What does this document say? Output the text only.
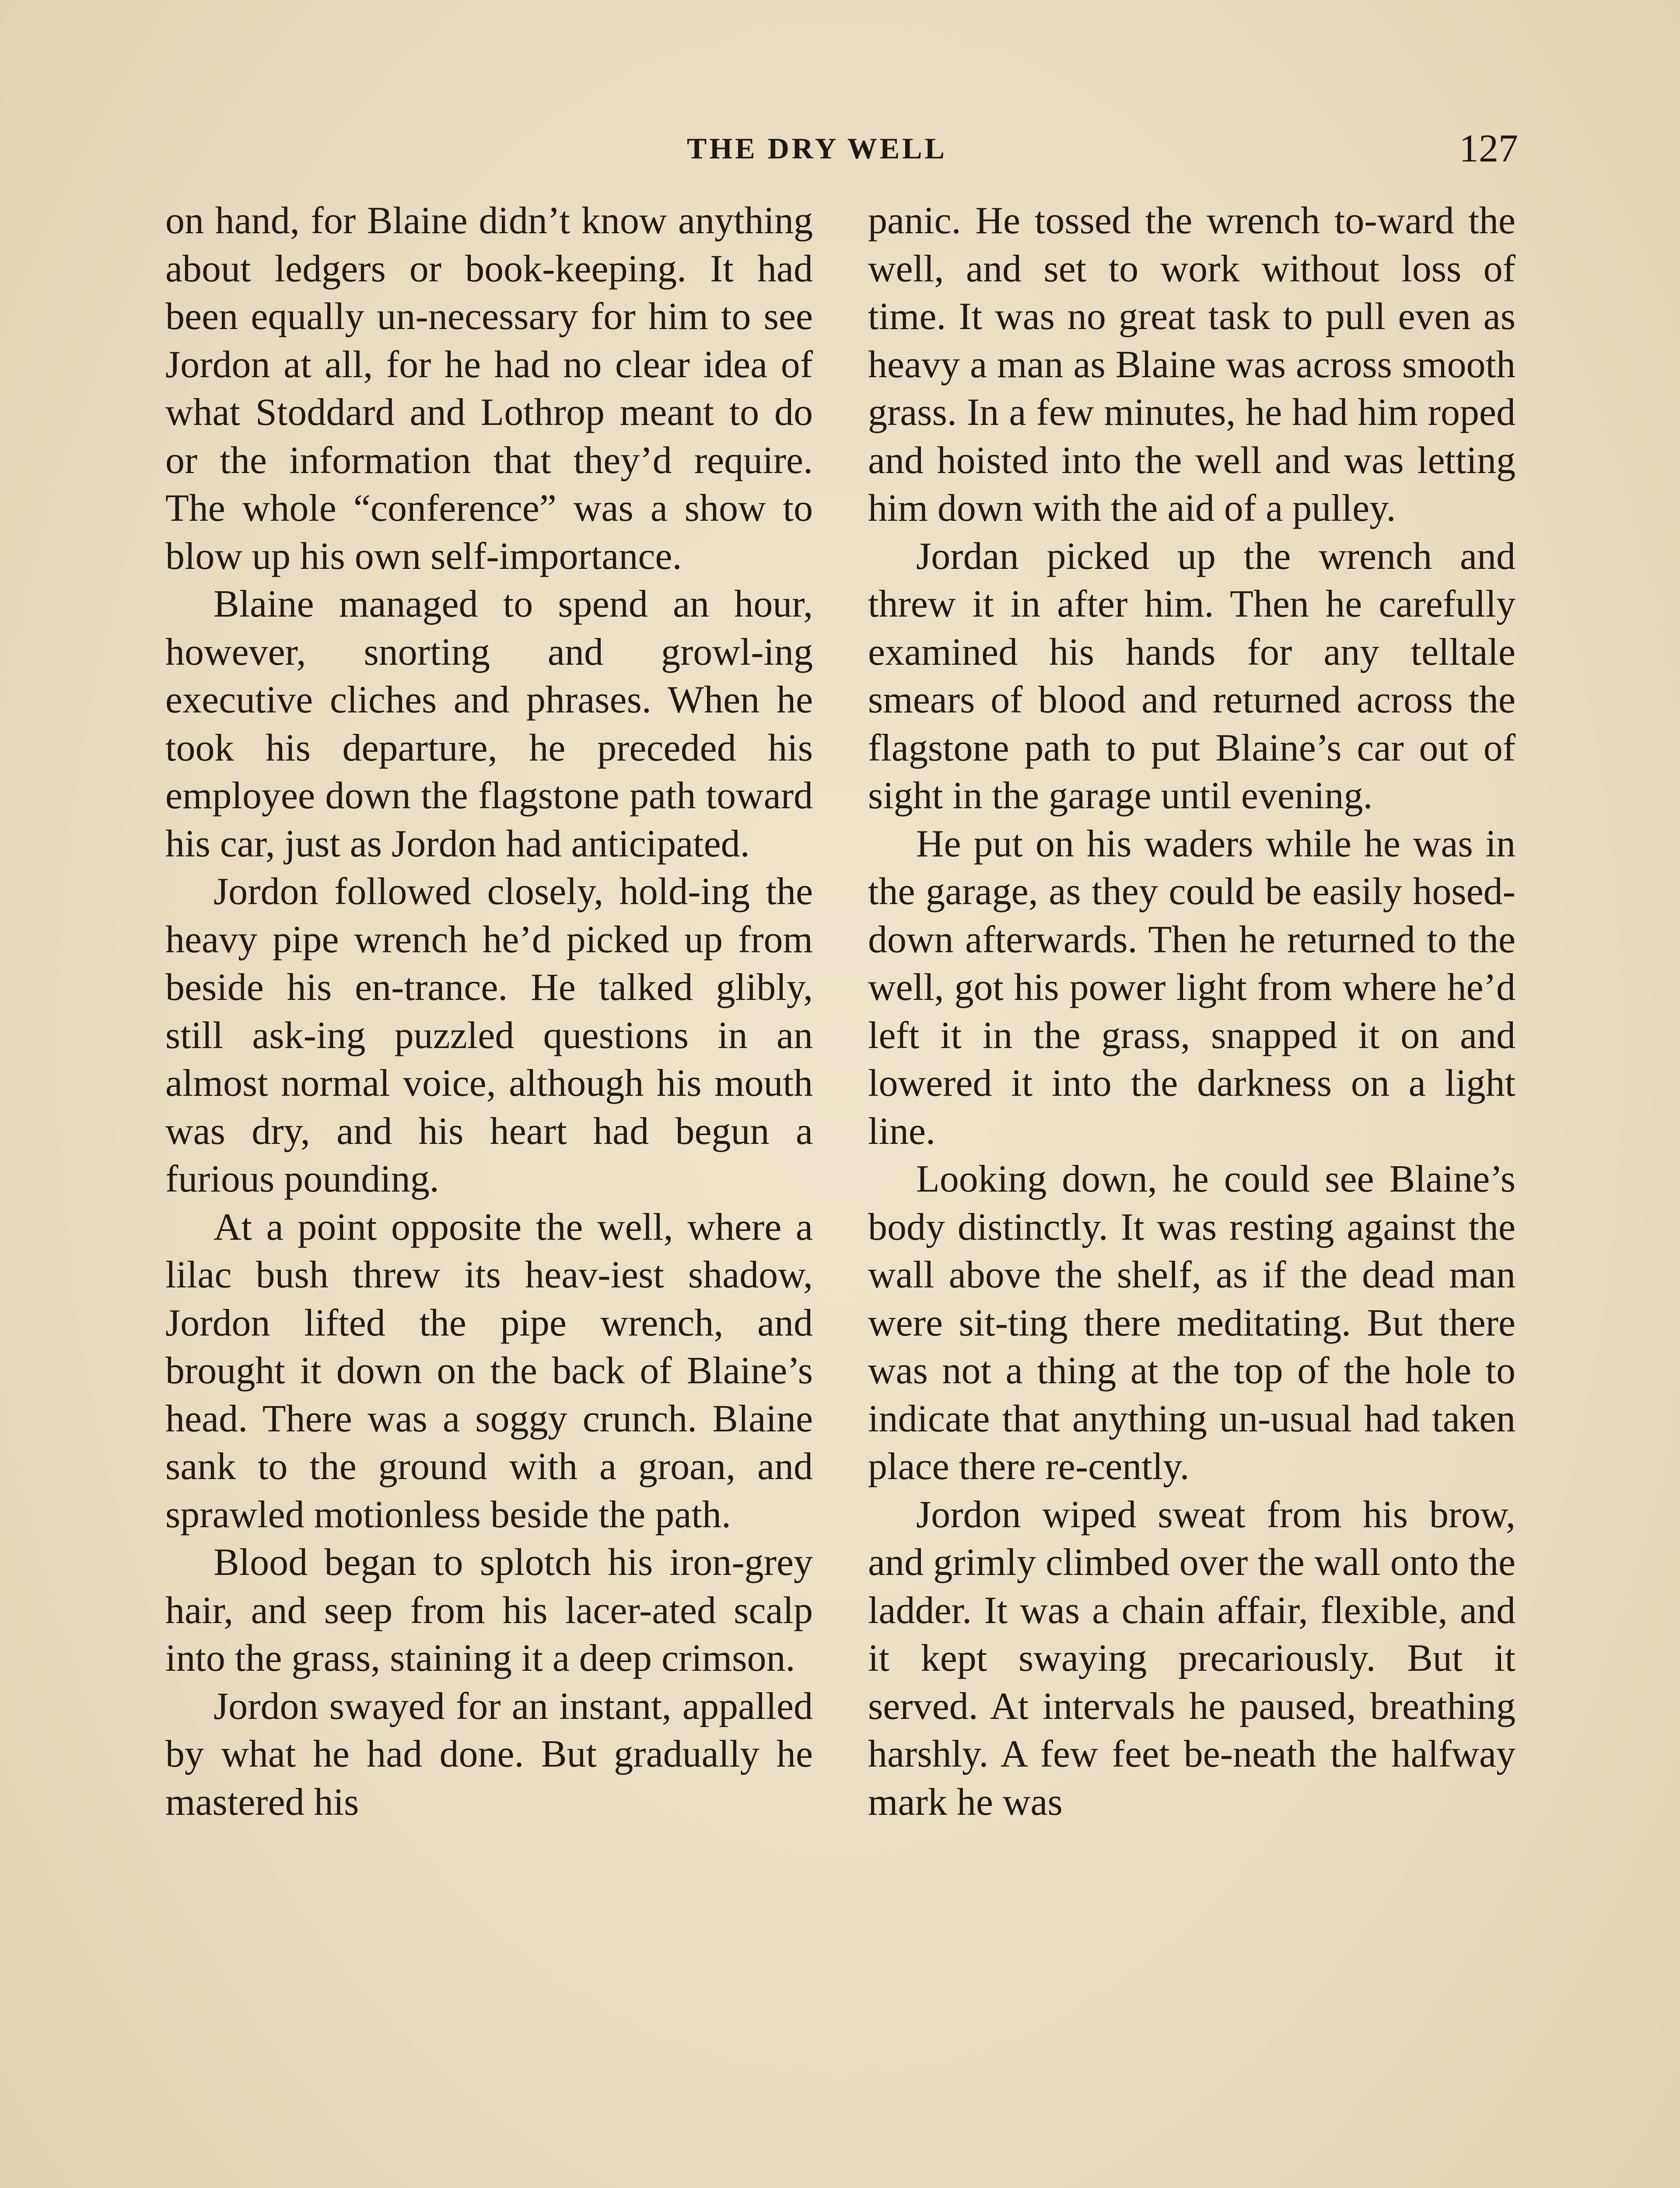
THE DRY WELL	127

on hand, for Blaine didn’t know anything about ledgers or book-keeping. It had been equally un-necessary for him to see Jordon at all, for he had no clear idea of what Stoddard and Lothrop meant to do or the information that they’d require. The whole “conference” was a show to blow up his own self-importance.

Blaine managed to spend an hour, however, snorting and growl-ing executive cliches and phrases. When he took his departure, he preceded his employee down the flagstone path toward his car, just as Jordon had anticipated.

Jordon followed closely, hold-ing the heavy pipe wrench he’d picked up from beside his en-trance. He talked glibly, still ask-ing puzzled questions in an almost normal voice, although his mouth was dry, and his heart had begun a furious pounding.

At a point opposite the well, where a lilac bush threw its heav-iest shadow, Jordon lifted the pipe wrench, and brought it down on the back of Blaine’s head. There was a soggy crunch. Blaine sank to the ground with a groan, and sprawled motionless beside the path.

Blood began to splotch his iron-grey hair, and seep from his lacer-ated scalp into the grass, staining it a deep crimson.

Jordon swayed for an instant, appalled by what he had done. But gradually he mastered his

panic. He tossed the wrench to-ward the well, and set to work without loss of time. It was no great task to pull even as heavy a man as Blaine was across smooth grass. In a few minutes, he had him roped and hoisted into the well and was letting him down with the aid of a pulley.

Jordan picked up the wrench and threw it in after him. Then he carefully examined his hands for any telltale smears of blood and returned across the flagstone path to put Blaine’s car out of sight in the garage until evening.

He put on his waders while he was in the garage, as they could be easily hosed-down afterwards. Then he returned to the well, got his power light from where he’d left it in the grass, snapped it on and lowered it into the darkness on a light line.

Looking down, he could see Blaine’s body distinctly. It was resting against the wall above the shelf, as if the dead man were sit-ting there meditating. But there was not a thing at the top of the hole to indicate that anything un-usual had taken place there re-cently.

Jordon wiped sweat from his brow, and grimly climbed over the wall onto the ladder. It was a chain affair, flexible, and it kept swaying precariously. But it served. At intervals he paused, breathing harshly. A few feet be-neath the halfway mark he was
